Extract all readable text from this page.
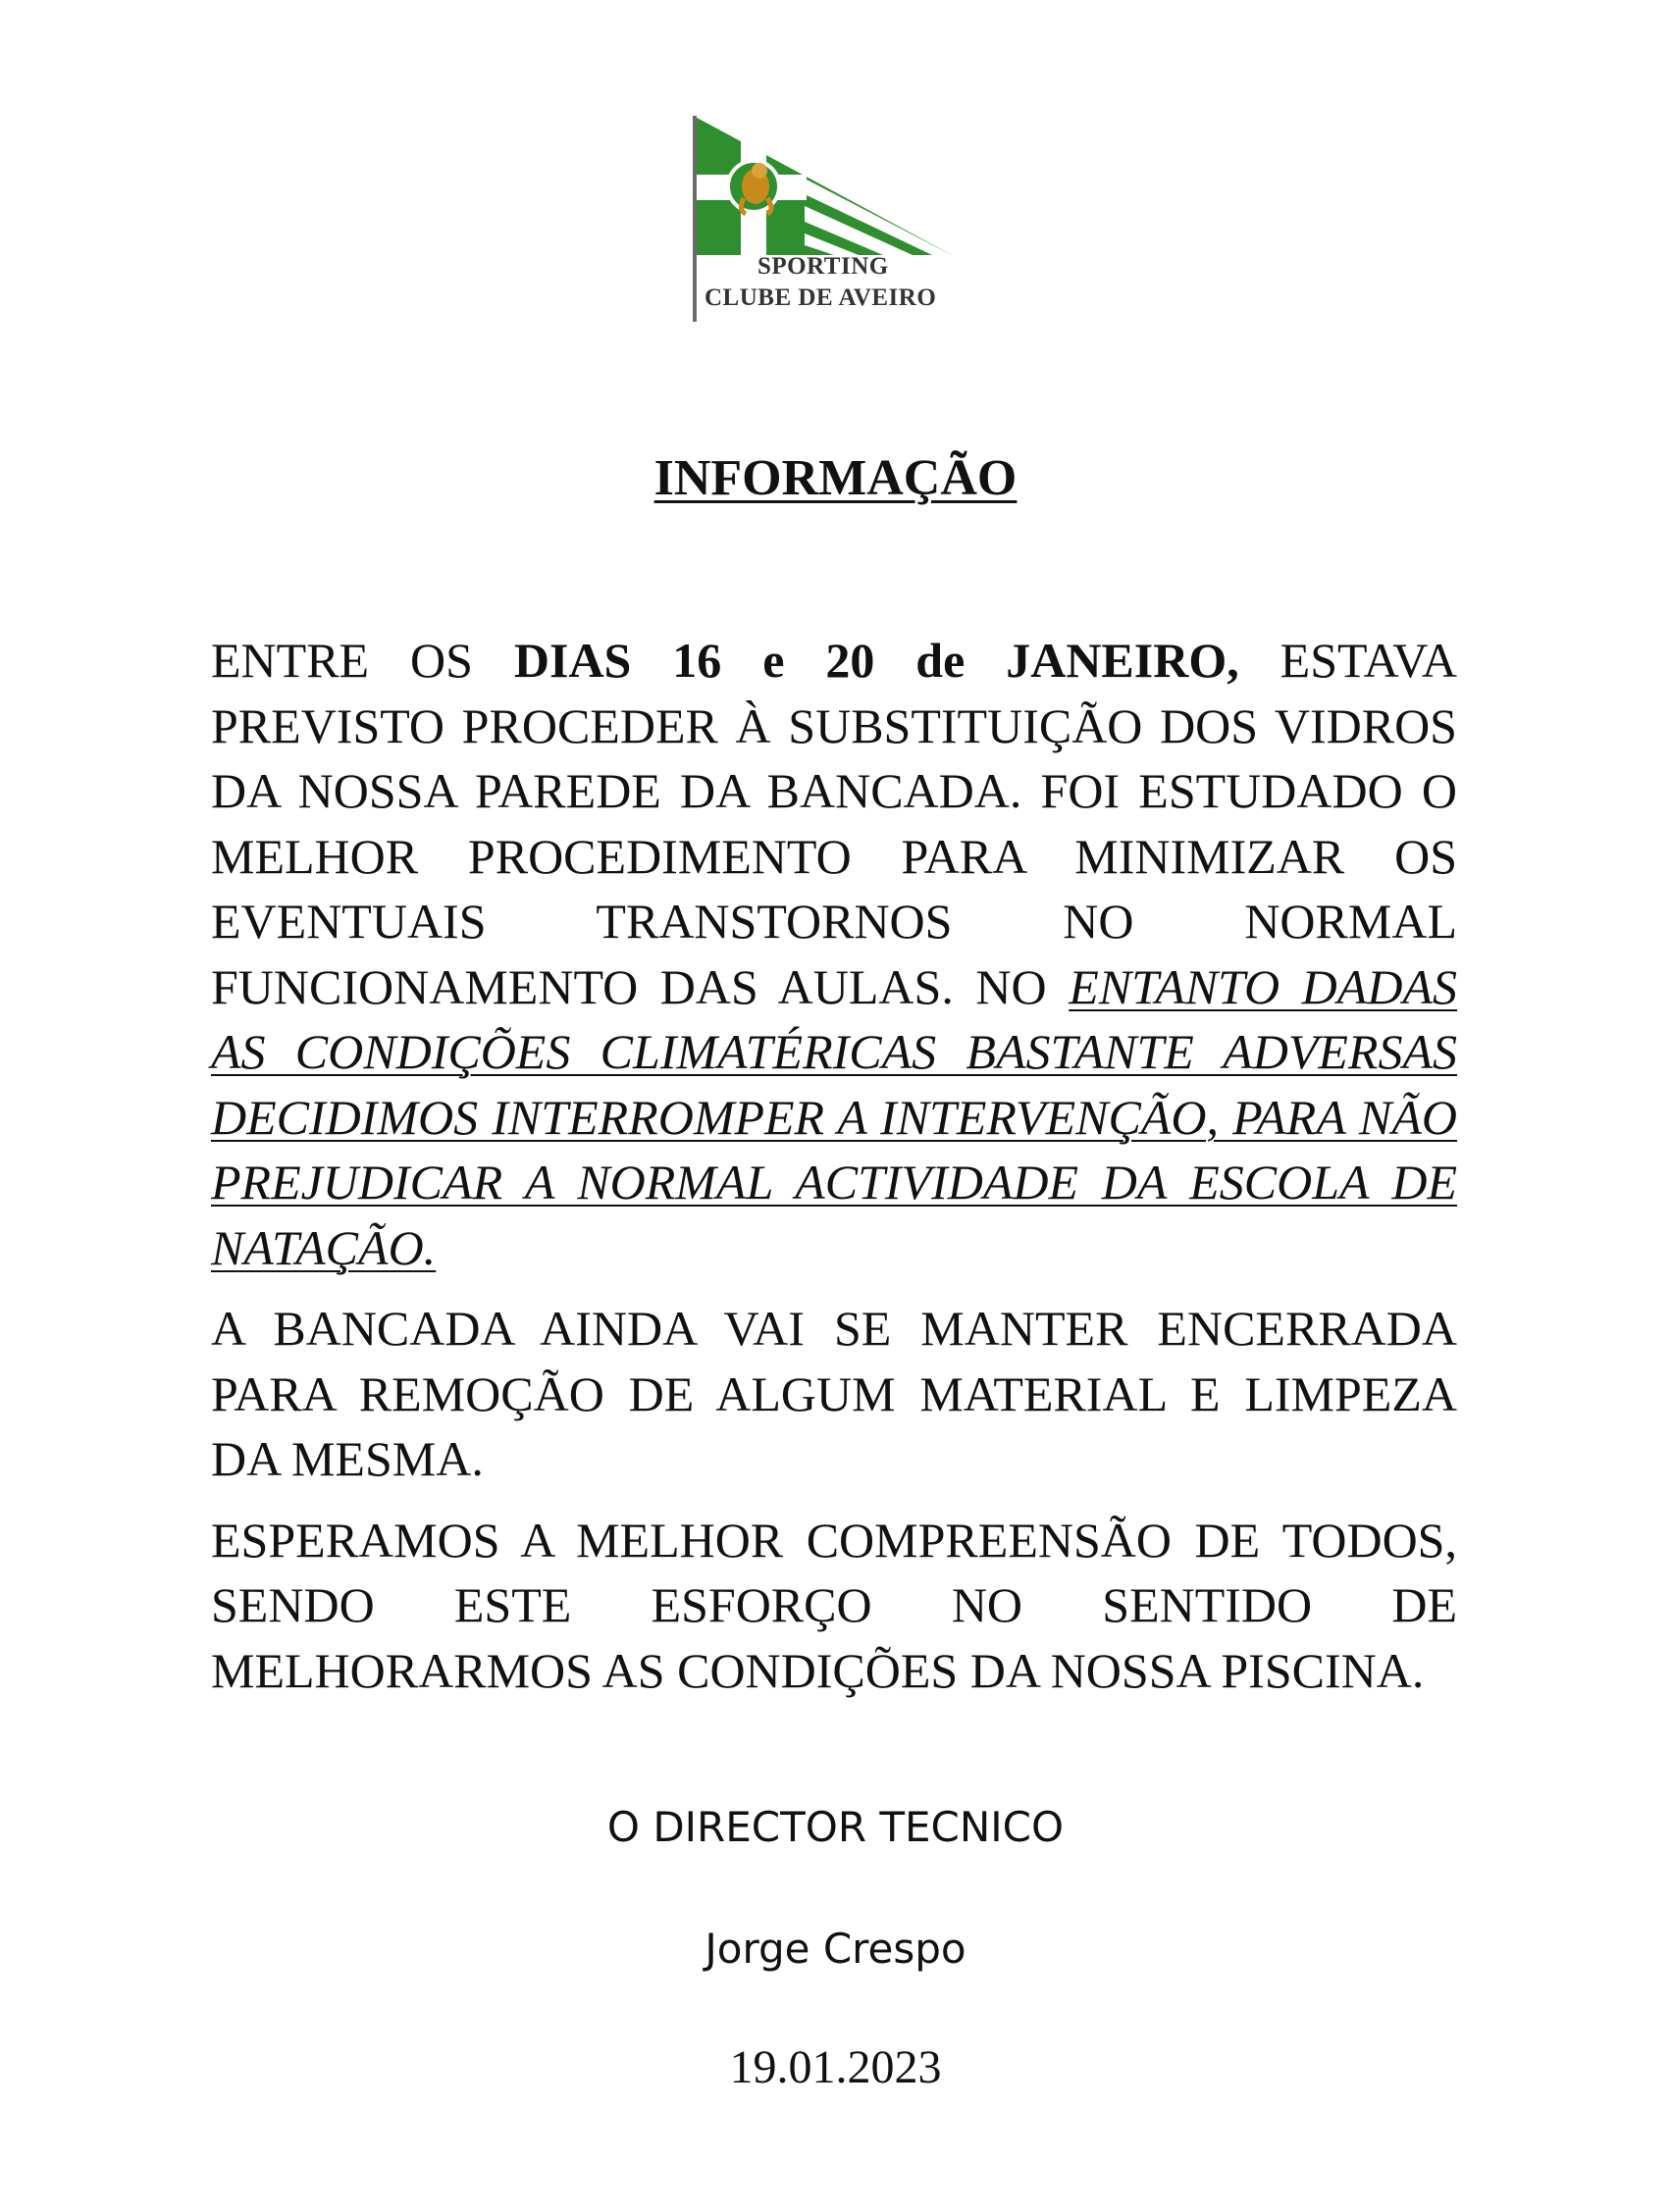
SPORTING
CLUBE DE AVEIRO
INFORMAÇÃO

ENTRE OS DIAS 16 e 20 de JANEIRO, ESTAVA PREVISTO PROCEDER À SUBSTITUIÇÃO DOS VIDROS DA NOSSA PAREDE DA BANCADA. FOI ESTUDADO O MELHOR PROCEDIMENTO PARA MINIMIZAR OS EVENTUAIS TRANSTORNOS NO NORMAL FUNCIONAMENTO DAS AULAS. NO ENTANTO DADAS AS CONDIÇÕES CLIMATÉRICAS BASTANTE ADVERSAS DECIDIMOS INTERROMPER A INTERVENÇÃO, PARA NÃO PREJUDICAR A NORMAL ACTIVIDADE DA ESCOLA DE NATAÇÃO.

A BANCADA AINDA VAI SE MANTER ENCERRADA PARA REMOÇÃO DE ALGUM MATERIAL E LIMPEZA DA MESMA.

ESPERAMOS A MELHOR COMPREENSÃO DE TODOS, SENDO ESTE ESFORÇO NO SENTIDO DE MELHORARMOS AS CONDIÇÕES DA NOSSA PISCINA.

O DIRECTOR TECNICO
Jorge Crespo
19.01.2023
